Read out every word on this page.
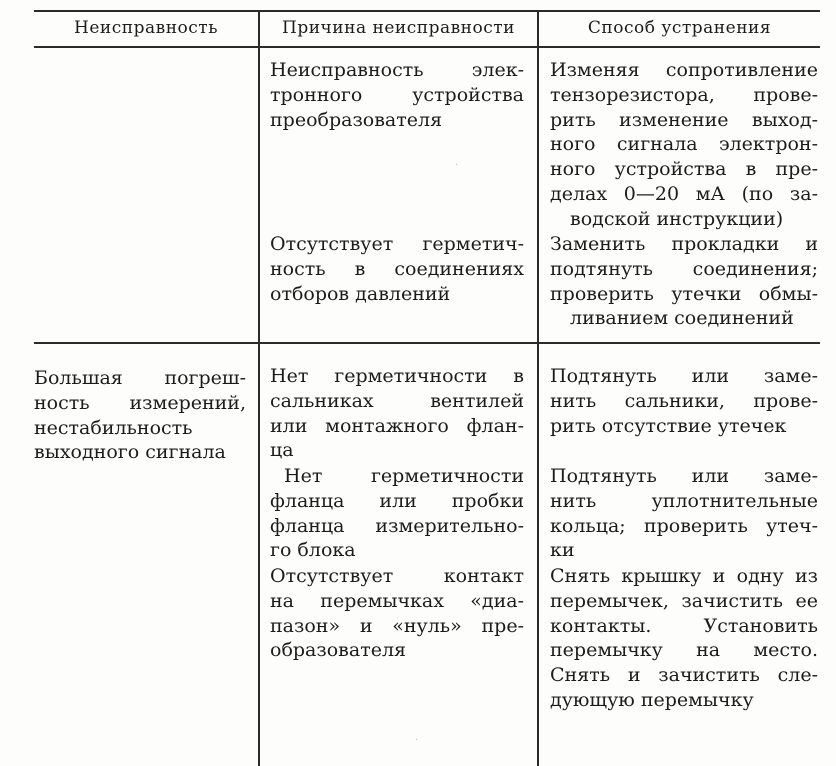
Неисправность	Причина неисправности	Способ устранения
Неисправность элек-
тронного устройства
преобразователя
Отсутствует герметич-
ность в соединениях
отборов давлений
Изменяя сопротивление
тензорезистора, прове-
рить изменение выход-
ного сигнала электрон-
ного устройства в пре-
делах 0—20 мА (по за-
водской инструкции)
Заменить прокладки и
подтянуть соединения;
проверить утечки обмы-
ливанием соединений
Большая погреш-
ность измерений,
нестабильность
выходного сигнала
Нет герметичности в
сальниках вентилей
или монтажного флан-
ца
Нет герметичности
фланца или пробки
фланца измерительно-
го блока
Отсутствует контакт
на перемычках «диа-
пазон» и «нуль» пре-
образователя
Подтянуть или заме-
нить сальники, прове-
рить отсутствие утечек
Подтянуть или заме-
нить уплотнительные
кольца; проверить утеч-
ки
Снять крышку и одну из
перемычек, зачистить ее
контакты. Установить
перемычку на место.
Снять и зачистить сле-
дующую перемычку
·
·
